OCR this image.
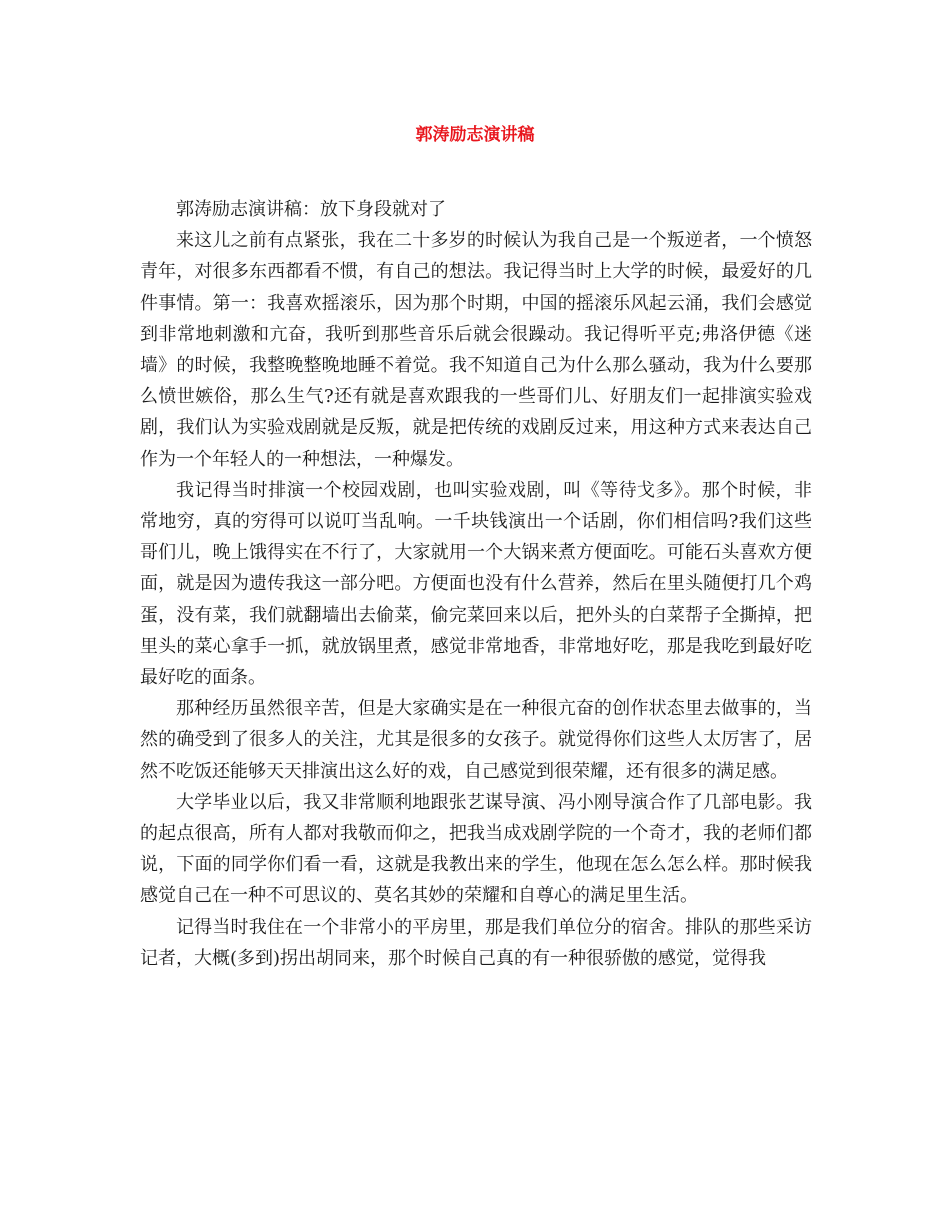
郭涛励志演讲稿

郭涛励志演讲稿：放下身段就对了

来这儿之前有点紧张，我在二十多岁的时候认为我自己是一个叛逆者，一个愤怒青年，对很多东西都看不惯，有自己的想法。我记得当时上大学的时候，最爱好的几件事情。第一：我喜欢摇滚乐，因为那个时期，中国的摇滚乐风起云涌，我们会感觉到非常地刺激和亢奋，我听到那些音乐后就会很躁动。我记得听平克;弗洛伊德《迷墙》的时候，我整晚整晚地睡不着觉。我不知道自己为什么那么骚动，我为什么要那么愤世嫉俗，那么生气?还有就是喜欢跟我的一些哥们儿、好朋友们一起排演实验戏剧，我们认为实验戏剧就是反叛，就是把传统的戏剧反过来，用这种方式来表达自己作为一个年轻人的一种想法，一种爆发。

我记得当时排演一个校园戏剧，也叫实验戏剧，叫《等待戈多》。那个时候，非常地穷，真的穷得可以说叮当乱响。一千块钱演出一个话剧，你们相信吗?我们这些哥们儿，晚上饿得实在不行了，大家就用一个大锅来煮方便面吃。可能石头喜欢方便面，就是因为遗传我这一部分吧。方便面也没有什么营养，然后在里头随便打几个鸡蛋，没有菜，我们就翻墙出去偷菜，偷完菜回来以后，把外头的白菜帮子全撕掉，把里头的菜心拿手一抓，就放锅里煮，感觉非常地香，非常地好吃，那是我吃到最好吃最好吃的面条。

那种经历虽然很辛苦，但是大家确实是在一种很亢奋的创作状态里去做事的，当然的确受到了很多人的关注，尤其是很多的女孩子。就觉得你们这些人太厉害了，居然不吃饭还能够天天排演出这么好的戏，自己感觉到很荣耀，还有很多的满足感。

大学毕业以后，我又非常顺利地跟张艺谋导演、冯小刚导演合作了几部电影。我的起点很高，所有人都对我敬而仰之，把我当成戏剧学院的一个奇才，我的老师们都说，下面的同学你们看一看，这就是我教出来的学生，他现在怎么怎么样。那时候我感觉自己在一种不可思议的、莫名其妙的荣耀和自尊心的满足里生活。

记得当时我住在一个非常小的平房里，那是我们单位分的宿舍。排队的那些采访记者，大概(多到)拐出胡同来，那个时候自己真的有一种很骄傲的感觉，觉得我
